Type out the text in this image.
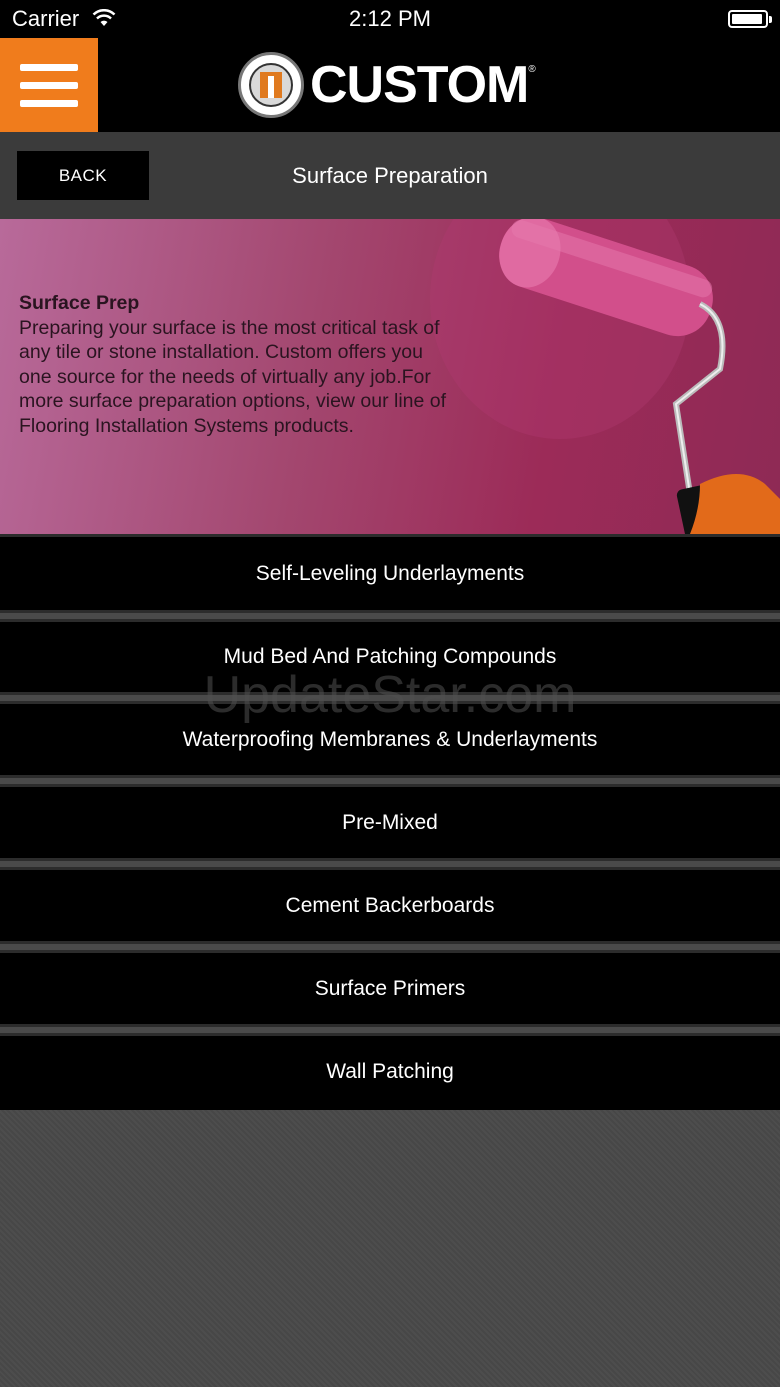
Carrier	2:12 PM
CUSTOM ®
BACK	Surface Preparation
Surface Prep
Preparing your surface is the most critical task of any tile or stone installation. Custom offers you one source for the needs of virtually any job.For more surface preparation options, view our line of Flooring Installation Systems products.
Self-Leveling Underlayments
Mud Bed And Patching Compounds
Waterproofing Membranes & Underlayments
Pre-Mixed
Cement Backerboards
Surface Primers
Wall Patching
UpdateStar.com
